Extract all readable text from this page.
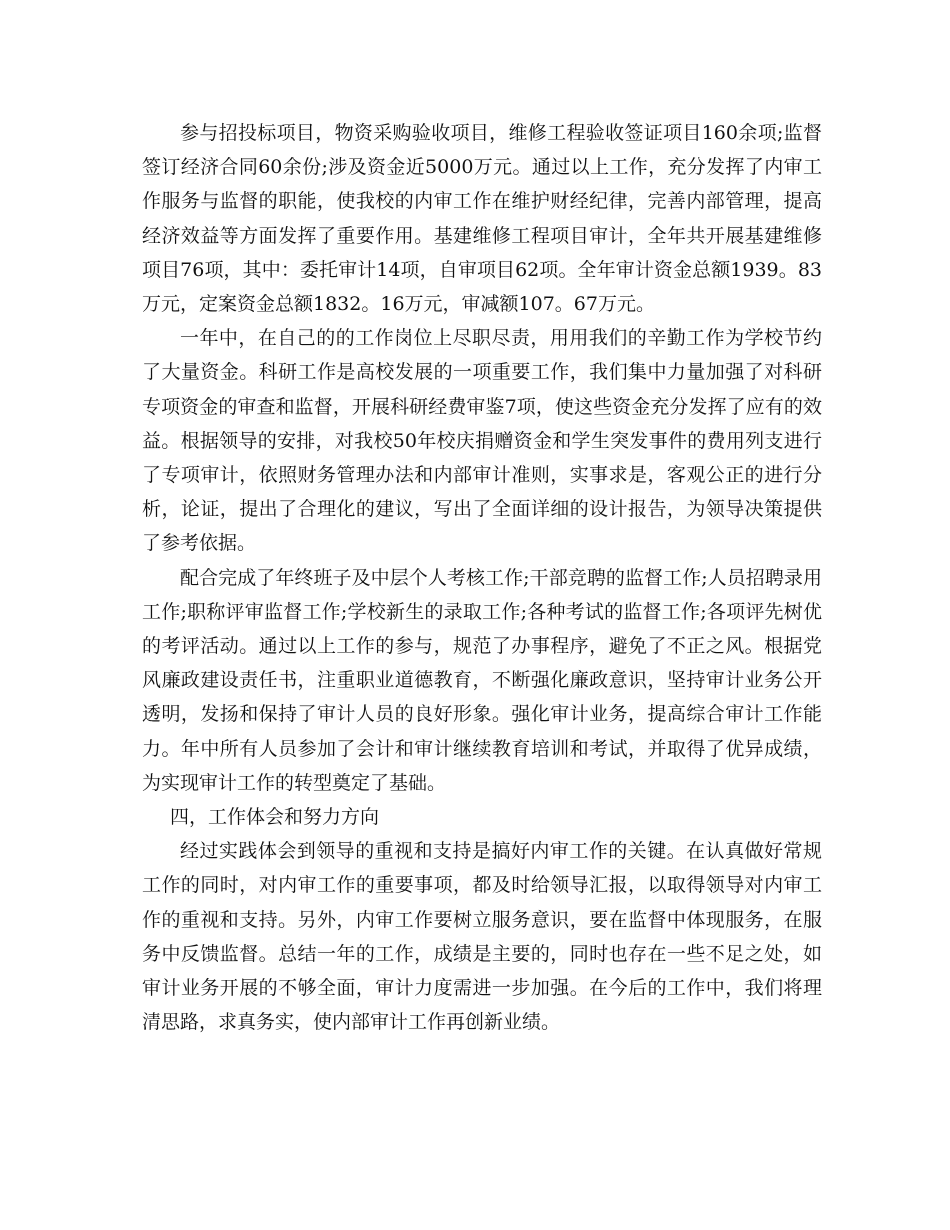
参与招投标项目，物资采购验收项目，维修工程验收签证项目160余项;监督签订经济合同60余份;涉及资金近5000万元。通过以上工作，充分发挥了内审工作服务与监督的职能，使我校的内审工作在维护财经纪律，完善内部管理，提高经济效益等方面发挥了重要作用。基建维修工程项目审计，全年共开展基建维修项目76项，其中：委托审计14项，自审项目62项。全年审计资金总额1939。83万元，定案资金总额1832。16万元，审减额107。67万元。

一年中，在自己的的工作岗位上尽职尽责，用用我们的辛勤工作为学校节约了大量资金。科研工作是高校发展的一项重要工作，我们集中力量加强了对科研专项资金的审查和监督，开展科研经费审鉴7项，使这些资金充分发挥了应有的效益。根据领导的安排，对我校50年校庆捐赠资金和学生突发事件的费用列支进行了专项审计，依照财务管理办法和内部审计准则，实事求是，客观公正的进行分析，论证，提出了合理化的建议，写出了全面详细的设计报告，为领导决策提供了参考依据。

配合完成了年终班子及中层个人考核工作;干部竞聘的监督工作;人员招聘录用工作;职称评审监督工作;学校新生的录取工作;各种考试的监督工作;各项评先树优的考评活动。通过以上工作的参与，规范了办事程序，避免了不正之风。根据党风廉政建设责任书，注重职业道德教育，不断强化廉政意识，坚持审计业务公开透明，发扬和保持了审计人员的良好形象。强化审计业务，提高综合审计工作能力。年中所有人员参加了会计和审计继续教育培训和考试，并取得了优异成绩，为实现审计工作的转型奠定了基础。

四，工作体会和努力方向

经过实践体会到领导的重视和支持是搞好内审工作的关键。在认真做好常规工作的同时，对内审工作的重要事项，都及时给领导汇报，以取得领导对内审工作的重视和支持。另外，内审工作要树立服务意识，要在监督中体现服务，在服务中反馈监督。总结一年的工作，成绩是主要的，同时也存在一些不足之处，如审计业务开展的不够全面，审计力度需进一步加强。在今后的工作中，我们将理清思路，求真务实，使内部审计工作再创新业绩。
